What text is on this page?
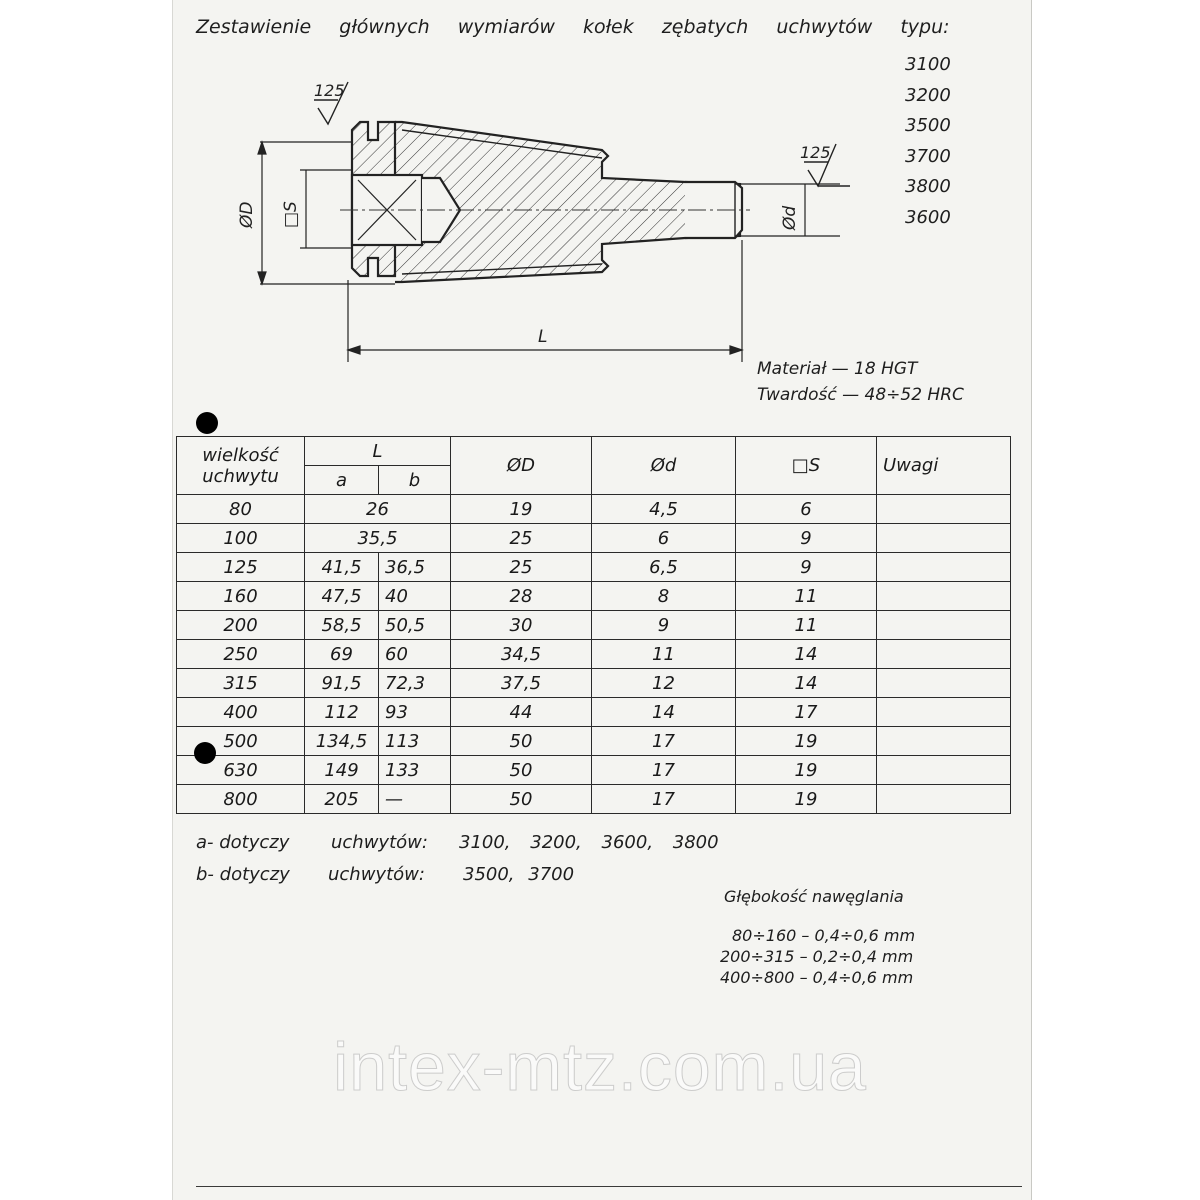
Zestawienie głównych wymiarów kołek zębatych uchwytów typu:
3100
3200
3500
3700
3800
3600
125
125
ØD □S	Ød
L
Materiał — 18 HGT
Twardość — 48÷52 HRC
wielkość uchwytu	L		ØD	Ød	□S	Uwagi
	a	b				
80	26		19	4,5	6	
100	35,5		25	6	9	
125	41,5	36,5	25	6,5	9	
160	47,5	40	28	8	11	
200	58,5	50,5	30	9	11	
250	69	60	34,5	11	14	
315	91,5	72,3	37,5	12	14	
400	112	93	44	14	17	
500	134,5	113	50	17	19	
630	149	133	50	17	19	
800	205	—	50	17	19	
a- dotyczy uchwytów: 3100, 3200, 3600, 3800
b- dotyczy uchwytów: 3500, 3700
Głębokość nawęglania
80÷160 – 0,4÷0,6 mm
200÷315 – 0,2÷0,4 mm
400÷800 – 0,4÷0,6 mm
intex-mtz.com.ua
